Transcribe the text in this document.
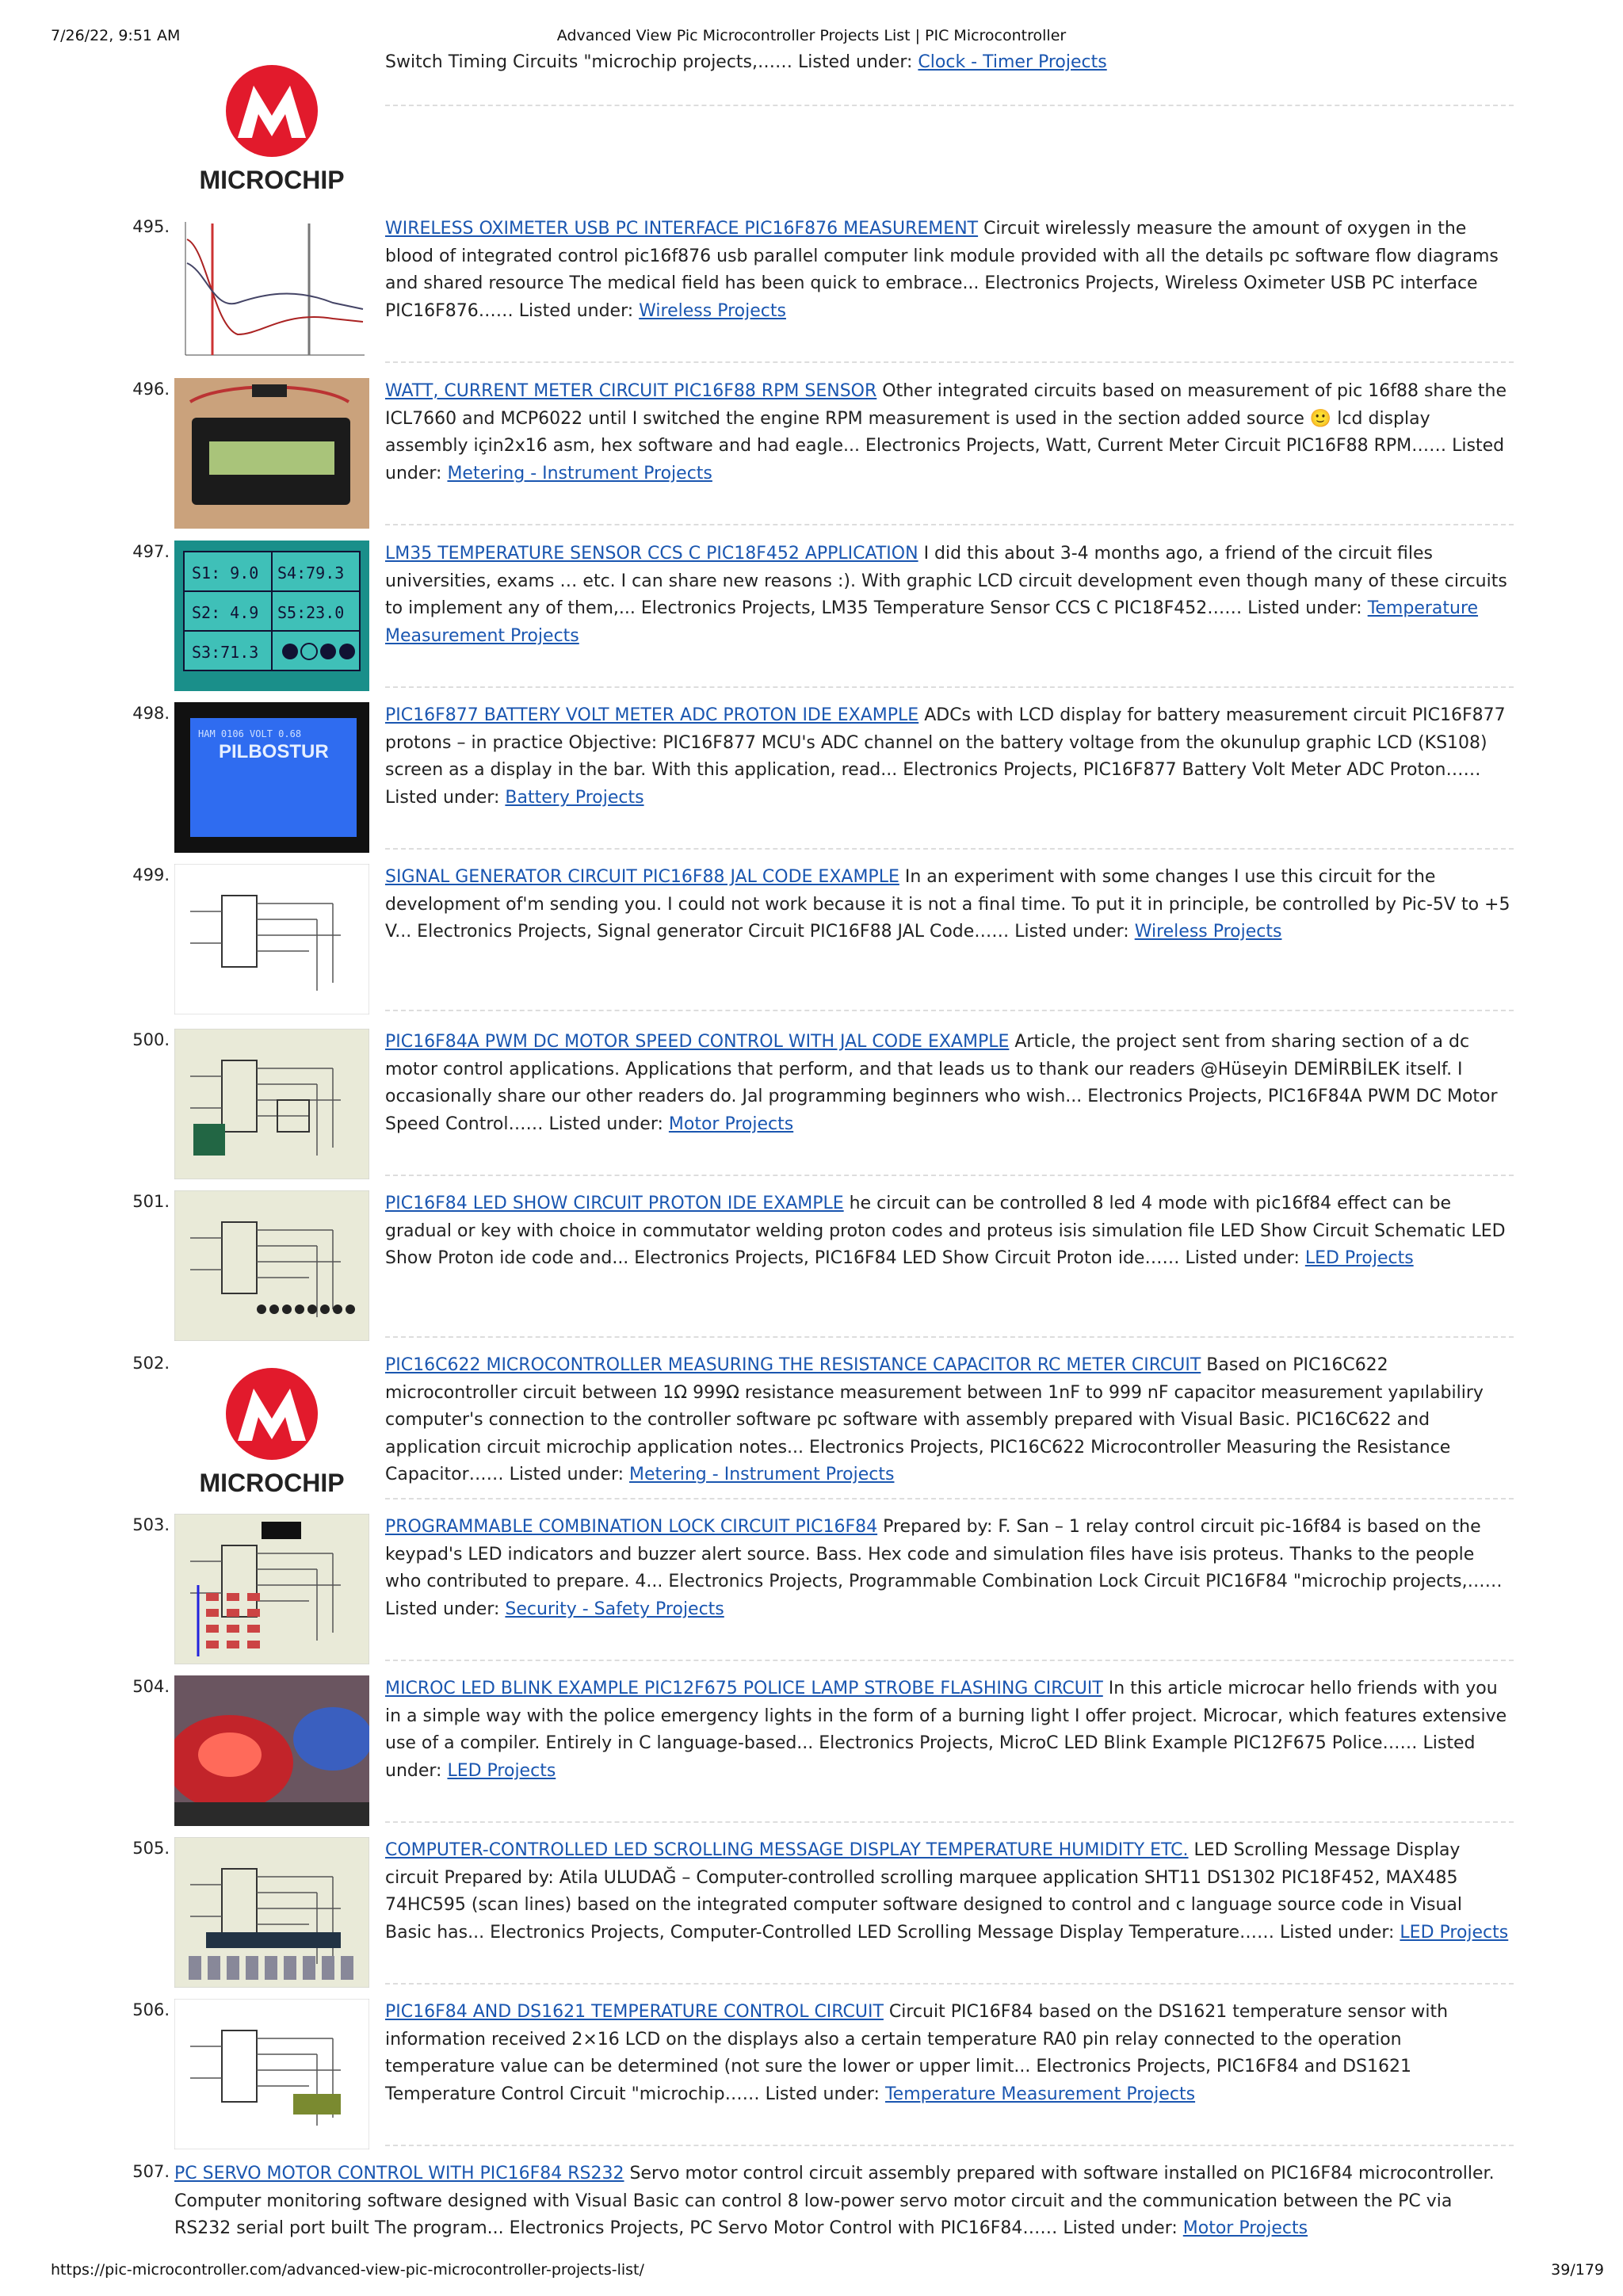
7/26/22, 9:51 AM	Advanced View Pic Microcontroller Projects List | PIC Microcontroller
MICROCHIP
Switch Timing Circuits "microchip projects,…… Listed under: Clock - Timer Projects
495.	WIRELESS OXIMETER USB PC INTERFACE PIC16F876 MEASUREMENT Circuit wirelessly measure the amount of oxygen in the blood of integrated control pic16f876 usb parallel computer link module provided with all the details pc software flow diagrams and shared resource The medical field has been quick to embrace... Electronics Projects, Wireless Oximeter USB PC interface PIC16F876…… Listed under: Wireless Projects
496.	WATT, CURRENT METER CIRCUIT PIC16F88 RPM SENSOR Other integrated circuits based on measurement of pic 16f88 share the ICL7660 and MCP6022 until I switched the engine RPM measurement is used in the section added source 🙂 lcd display assembly için2x16 asm, hex software and had eagle... Electronics Projects, Watt, Current Meter Circuit PIC16F88 RPM…… Listed under: Metering - Instrument Projects
497.
S1: 9.0 S4:79.3
S2: 4.9 S5:23.0
S3:71.3
LM35 TEMPERATURE SENSOR CCS C PIC18F452 APPLICATION I did this about 3-4 months ago, a friend of the circuit files universities, exams … etc. I can share new reasons :). With graphic LCD circuit development even though many of these circuits to implement any of them,... Electronics Projects, LM35 Temperature Sensor CCS C PIC18F452…… Listed under: Temperature Measurement Projects
498.
HAM 0106 VOLT 0.68
PILBOSTUR
PIC16F877 BATTERY VOLT METER ADC PROTON IDE EXAMPLE ADCs with LCD display for battery measurement circuit PIC16F877 protons – in practice Objective: PIC16F877 MCU's ADC channel on the battery voltage from the okunulup graphic LCD (KS108) screen as a display in the bar. With this application, read... Electronics Projects, PIC16F877 Battery Volt Meter ADC Proton…… Listed under: Battery Projects
499.	SIGNAL GENERATOR CIRCUIT PIC16F88 JAL CODE EXAMPLE In an experiment with some changes I use this circuit for the development of'm sending you. I could not work because it is not a final time. To put it in principle, be controlled by Pic-5V to +5 V... Electronics Projects, Signal generator Circuit PIC16F88 JAL Code…… Listed under: Wireless Projects
500.	PIC16F84A PWM DC MOTOR SPEED CONTROL WITH JAL CODE EXAMPLE Article, the project sent from sharing section of a dc motor control applications. Applications that perform, and that leads us to thank our readers @Hüseyin DEMİRBİLEK itself. I occasionally share our other readers do. Jal programming beginners who wish... Electronics Projects, PIC16F84A PWM DC Motor Speed Control…… Listed under: Motor Projects
501.	PIC16F84 LED SHOW CIRCUIT PROTON IDE EXAMPLE he circuit can be controlled 8 led 4 mode with pic16f84 effect can be gradual or key with choice in commutator welding proton codes and proteus isis simulation file LED Show Circuit Schematic LED Show Proton ide code and... Electronics Projects, PIC16F84 LED Show Circuit Proton ide…… Listed under: LED Projects
502.
MICROCHIP
PIC16C622 MICROCONTROLLER MEASURING THE RESISTANCE CAPACITOR RC METER CIRCUIT Based on PIC16C622 microcontroller circuit between 1Ω 999Ω resistance measurement between 1nF to 999 nF capacitor measurement yapılabiliry computer's connection to the controller software pc software with assembly prepared with Visual Basic. PIC16C622 and application circuit microchip application notes... Electronics Projects, PIC16C622 Microcontroller Measuring the Resistance Capacitor…… Listed under: Metering - Instrument Projects
503.	PROGRAMMABLE COMBINATION LOCK CIRCUIT PIC16F84 Prepared by: F. San – 1 relay control circuit pic-16f84 is based on the keypad's LED indicators and buzzer alert source. Bass. Hex code and simulation files have isis proteus. Thanks to the people who contributed to prepare. 4... Electronics Projects, Programmable Combination Lock Circuit PIC16F84 "microchip projects,…… Listed under: Security - Safety Projects
504.	MICROC LED BLINK EXAMPLE PIC12F675 POLICE LAMP STROBE FLASHING CIRCUIT In this article microcar hello friends with you in a simple way with the police emergency lights in the form of a burning light I offer project. Microcar, which features extensive use of a compiler. Entirely in C language-based... Electronics Projects, MicroC LED Blink Example PIC12F675 Police…… Listed under: LED Projects
505.	COMPUTER-CONTROLLED LED SCROLLING MESSAGE DISPLAY TEMPERATURE HUMIDITY ETC. LED Scrolling Message Display circuit Prepared by: Atila ULUDAĞ – Computer-controlled scrolling marquee application SHT11 DS1302 PIC18F452, MAX485 74HC595 (scan lines) based on the integrated computer software designed to control and c language source code in Visual Basic has... Electronics Projects, Computer-Controlled LED Scrolling Message Display Temperature…… Listed under: LED Projects
506.	PIC16F84 AND DS1621 TEMPERATURE CONTROL CIRCUIT Circuit PIC16F84 based on the DS1621 temperature sensor with information received 2×16 LCD on the displays also a certain temperature RA0 pin relay connected to the operation temperature value can be determined (not sure the lower or upper limit... Electronics Projects, PIC16F84 and DS1621 Temperature Control Circuit "microchip…… Listed under: Temperature Measurement Projects
507. PC SERVO MOTOR CONTROL WITH PIC16F84 RS232 Servo motor control circuit assembly prepared with software installed on PIC16F84 microcontroller. Computer monitoring software designed with Visual Basic can control 8 low-power servo motor circuit and the communication between the PC via RS232 serial port built The program... Electronics Projects, PC Servo Motor Control with PIC16F84…… Listed under: Motor Projects
https://pic-microcontroller.com/advanced-view-pic-microcontroller-projects-list/	39/179
